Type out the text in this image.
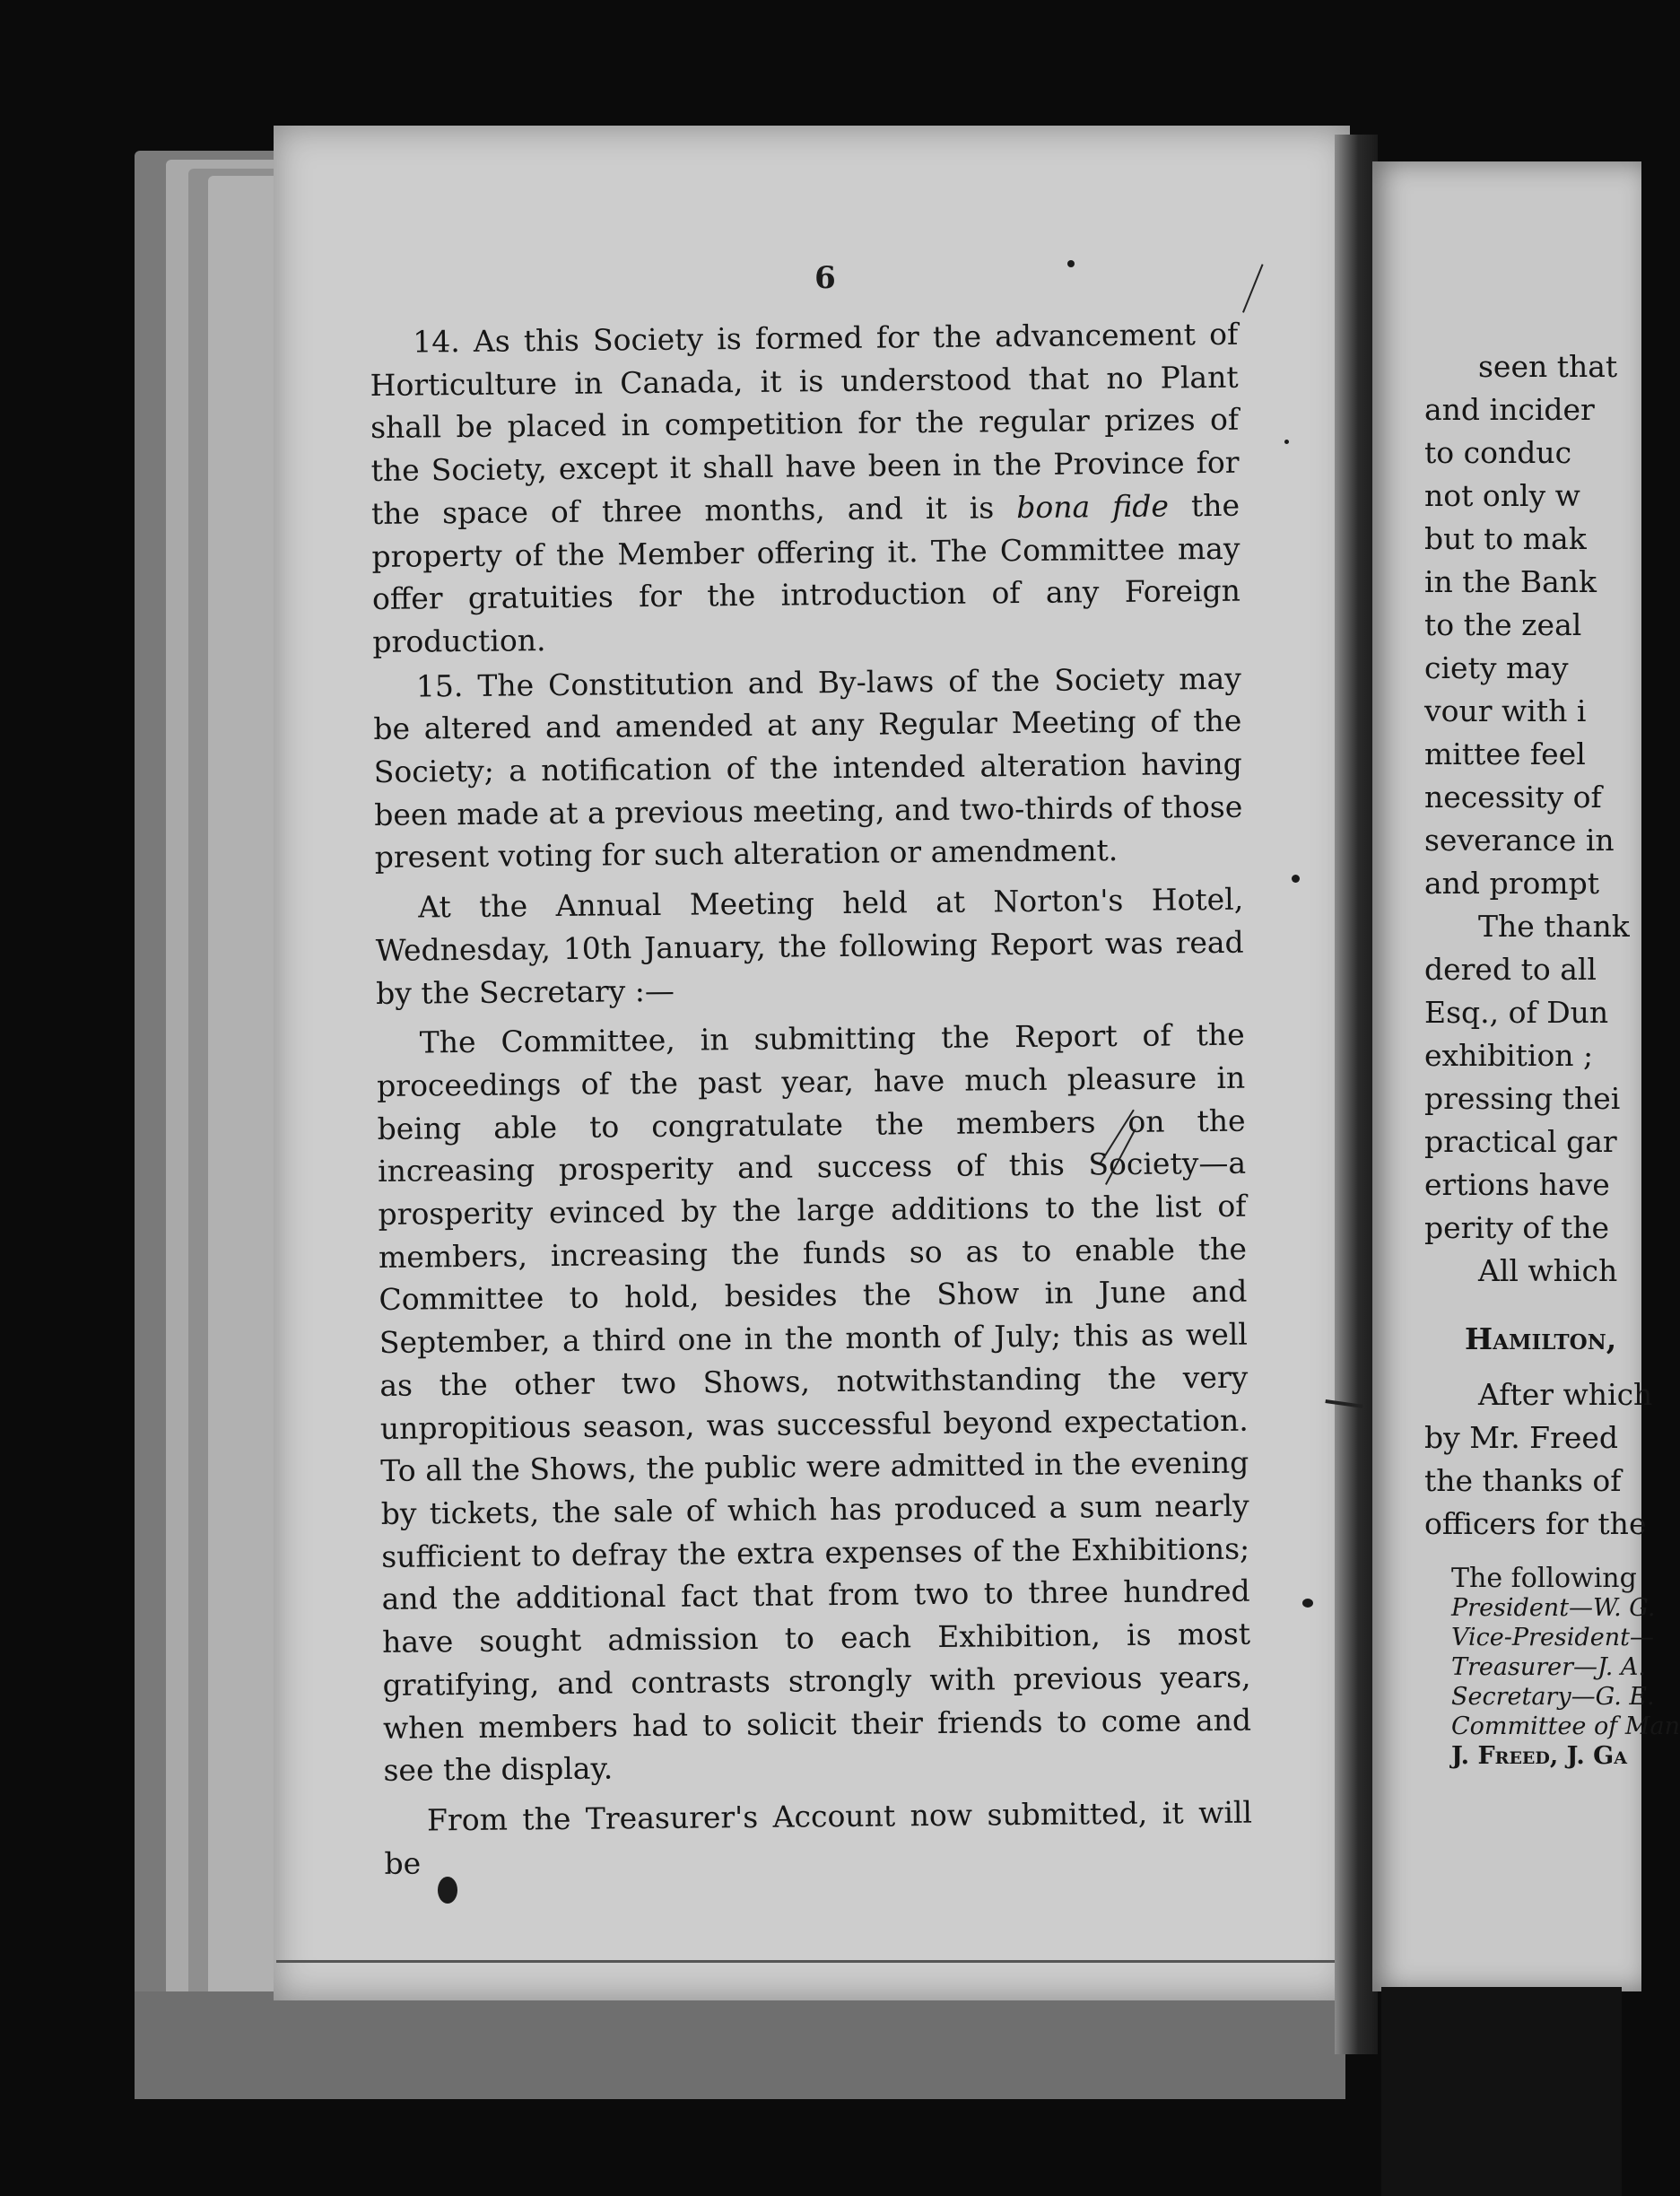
6

14. As this Society is formed for the advancement of Horticulture in Canada, it is understood that no Plant shall be placed in competition for the regular prizes of the Society, except it shall have been in the Province for the space of three months, and it is bona fide the property of the Member offering it. The Committee may offer gratuities for the introduction of any Foreign production.

15. The Constitution and By-laws of the Society may be altered and amended at any Regular Meeting of the Society; a notification of the intended alteration having been made at a previous meeting, and two-thirds of those present voting for such alteration or amendment.

At the Annual Meeting held at Norton's Hotel, Wednesday, 10th January, the following Report was read by the Secretary :—

The Committee, in submitting the Report of the proceedings of the past year, have much pleasure in being able to congratulate the members on the increasing prosperity and success of this Society—a prosperity evinced by the large additions to the list of members, increasing the funds so as to enable the Committee to hold, besides the Show in June and September, a third one in the month of July; this as well as the other two Shows, notwithstanding the very unpropitious season, was successful beyond expectation. To all the Shows, the public were admitted in the evening by tickets, the sale of which has produced a sum nearly sufficient to defray the extra expenses of the Exhibitions; and the additional fact that from two to three hundred have sought admission to each Exhibition, is most gratifying, and contrasts strongly with previous years, when members had to solicit their friends to come and see the display.

From the Treasurer's Account now submitted, it will be

seen that
and incider
to conduc
not only w
but to mak
in the Bank
to the zeal
ciety may
vour with i
mittee feel
necessity of
severance in
and prompt
The thank
dered to all
Esq., of Dun
exhibition ;
pressing thei
practical gar
ertions have
perity of the
All which
Hamilton,
After which
by Mr. Freed
the thanks of
officers for the
The following
President—W. G.
Vice-President—
Treasurer—J. A.
Secretary—G. E.
Committee of Man
J. Freed, J. Ga
